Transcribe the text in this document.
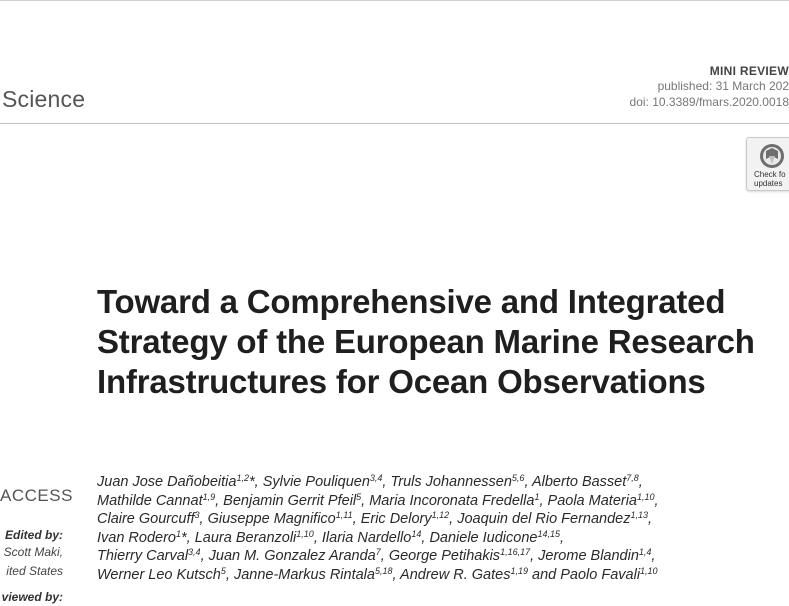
Science
MINI REVIEW
published: 31 March 202
doi: 10.3389/fmars.2020.0018
Check fo
updates
Toward a Comprehensive and Integrated Strategy of the European Marine Research Infrastructures for Ocean Observations
ACCESS
Edited by:
Scott Maki,
ited States
viewed by:
Juan Jose Dañobeitia$^{1,2}$*, Sylvie Pouliquen$^{3,4}$, Truls Johannessen$^{5,6}$, Alberto Basset$^{7,8}$,
Mathilde Cannat$^{1,9}$, Benjamin Gerrit Pfeil$^5$, Maria Incoronata Fredella$^1$, Paola Materia$^{1,10}$,
Claire Gourcuff$^3$, Giuseppe Magnifico$^{1,11}$, Eric Delory$^{1,12}$, Joaquin del Rio Fernandez$^{1,13}$,
Ivan Rodero$^1$*, Laura Beranzoli$^{1,10}$, Ilaria Nardello$^{14}$, Daniele Iudicone$^{14,15}$,
Thierry Carval$^{3,4}$, Juan M. Gonzalez Aranda$^7$, George Petihakis$^{1,16,17}$, Jerome Blandin$^{1,4}$,
Werner Leo Kutsch$^5$, Janne-Markus Rintala$^{5,18}$, Andrew R. Gates$^{1,19}$ and Paolo Favali$^{1,10}$
